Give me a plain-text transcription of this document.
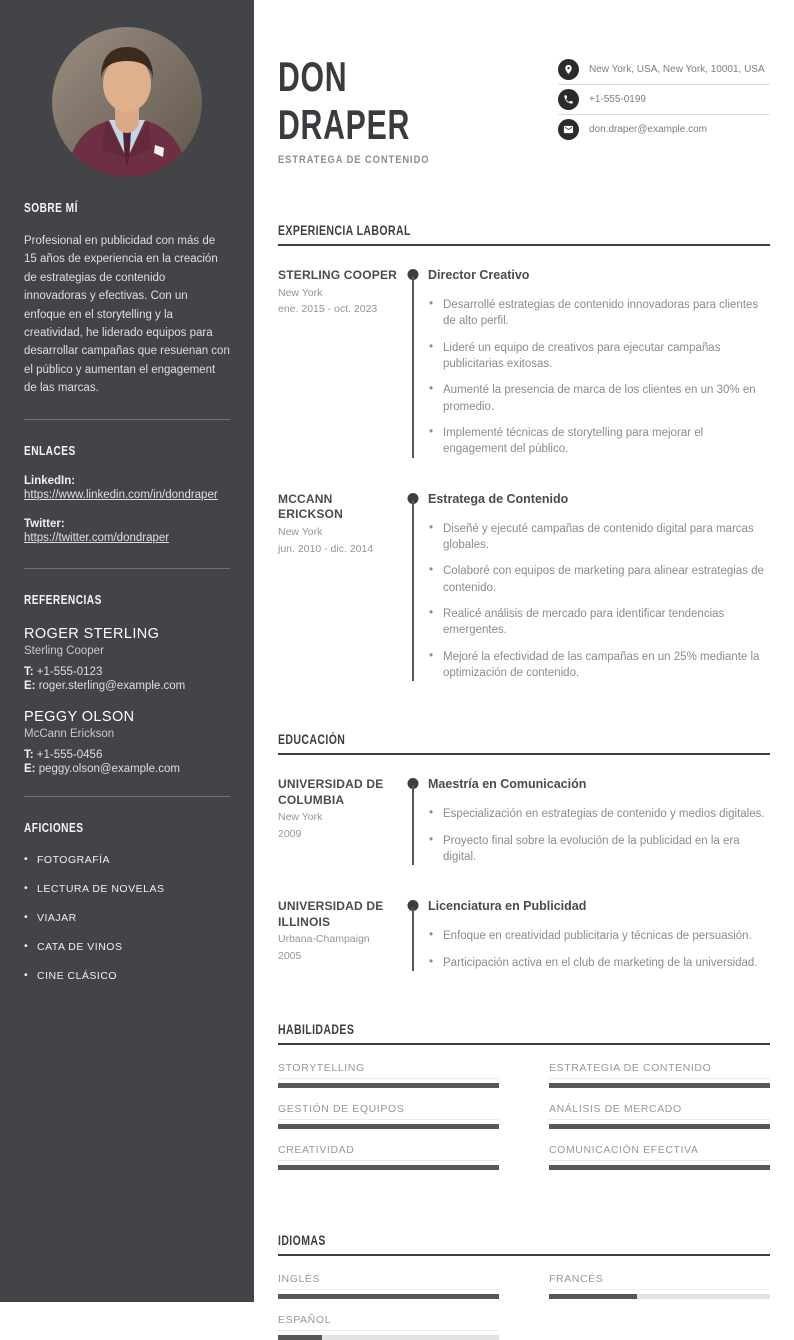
SOBRE MÍ

Profesional en publicidad con más de 15 años de experiencia en la creación de estrategias de contenido innovadoras y efectivas. Con un enfoque en el storytelling y la creatividad, he liderado equipos para desarrollar campañas que resuenan con el público y aumentan el engagement de las marcas.

ENLACES
LinkedIn:
https://www.linkedin.com/in/dondraper
Twitter:
https://twitter.com/dondraper
REFERENCIAS
ROGER STERLING
Sterling Cooper
T: +1-555-0123
E: roger.sterling@example.com
PEGGY OLSON
McCann Erickson
T: +1-555-0456
E: peggy.olson@example.com
AFICIONES
• FOTOGRAFÍA
• LECTURA DE NOVELAS
• VIAJAR
• CATA DE VINOS
• CINE CLÁSICO
DON
DRAPER
ESTRATEGA DE CONTENIDO
New York, USA, New York, 10001, USA
+1-555-0199
don.draper@example.com
EXPERIENCIA LABORAL
STERLING COOPER
New York
ene. 2015 - oct. 2023
Director Creativo
• Desarrollé estrategias de contenido innovadoras para clientes de alto perfil.
• Lideré un equipo de creativos para ejecutar campañas publicitarias exitosas.
• Aumenté la presencia de marca de los clientes en un 30% en promedio.
• Implementé técnicas de storytelling para mejorar el engagement del público.
MCCANN ERICKSON
New York
jun. 2010 - dic. 2014
Estratega de Contenido
• Diseñé y ejecuté campañas de contenido digital para marcas globales.
• Colaboré con equipos de marketing para alinear estrategias de contenido.
• Realicé análisis de mercado para identificar tendencias emergentes.
• Mejoré la efectividad de las campañas en un 25% mediante la optimización de contenido.
EDUCACIÓN
UNIVERSIDAD DE COLUMBIA
New York
2009
Maestría en Comunicación
• Especialización en estrategias de contenido y medios digitales.
• Proyecto final sobre la evolución de la publicidad en la era digital.
UNIVERSIDAD DE ILLINOIS
Urbana-Champaign
2005
Licenciatura en Publicidad
• Enfoque en creatividad publicitaria y técnicas de persuasión.
• Participación activa en el club de marketing de la universidad.
HABILIDADES
STORYTELLING	ESTRATEGIA DE CONTENIDO
GESTIÓN DE EQUIPOS	ANÁLISIS DE MERCADO
CREATIVIDAD	COMUNICACIÓN EFECTIVA
IDIOMAS
INGLÉS	FRANCÉS
ESPAÑOL
